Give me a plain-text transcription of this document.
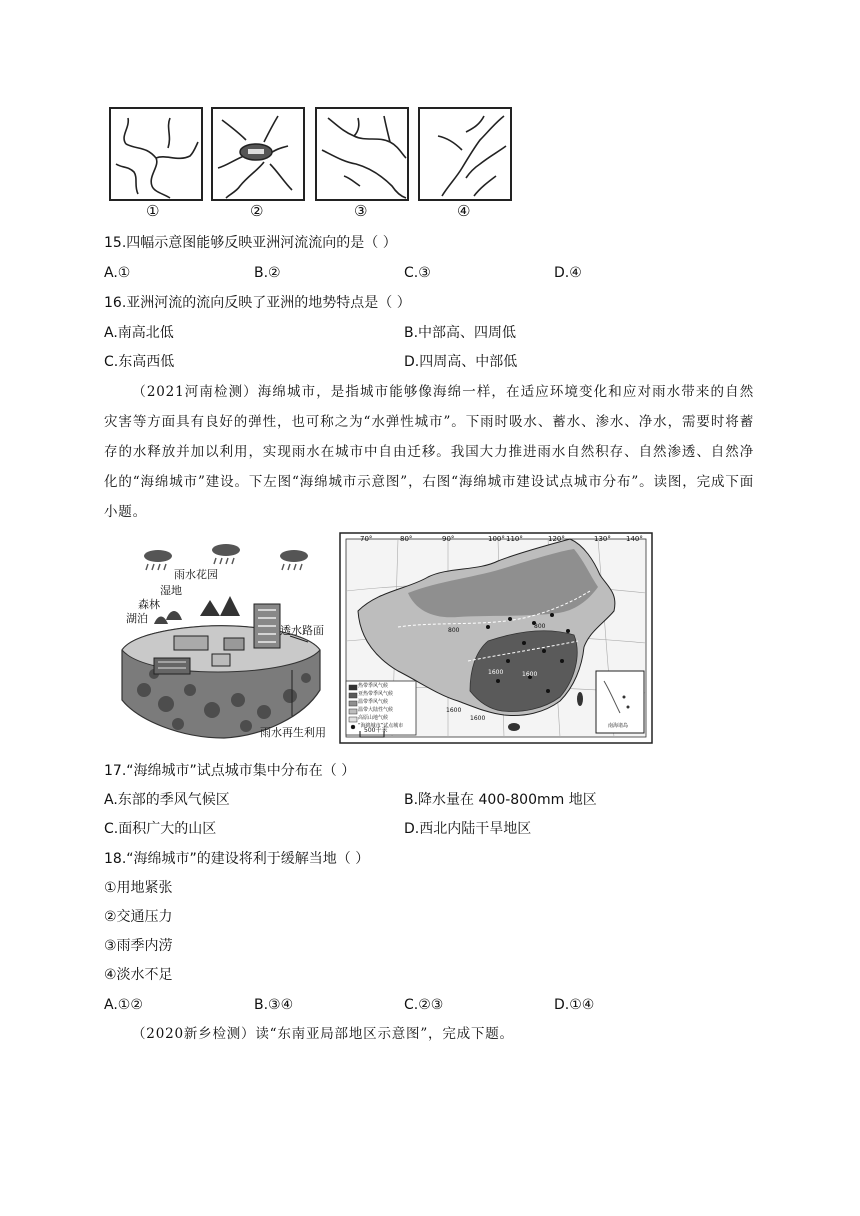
①	②	③	④
15.四幅示意图能够反映亚洲河流流向的是（ ）
A.①	B.②	C.③	D.④
16.亚洲河流的流向反映了亚洲的地势特点是（ ）
A.南高北低	B.中部高、四周低
C.东高西低	D.四周高、中部低
（2021河南检测）海绵城市，是指城市能够像海绵一样，在适应环境变化和应对雨水带来的自然灾害等方面具有良好的弹性，也可称之为“水弹性城市”。下雨时吸水、蓄水、渗水、净水，需要时将蓄存的水释放并加以利用，实现雨水在城市中自由迁移。我国大力推进雨水自然积存、自然渗透、自然净化的“海绵城市”建设。下左图“海绵城市示意图”，右图“海绵城市建设试点城市分布”。读图，完成下面小题。
雨水花园
湿地
森林
湖泊
透水路面
雨水再生利用
70°	80°	90°	100° 110°	120°	130° 140°
800
1600	1600
1600
1600
800
热带季风气候
亚热带季风气候
温带季风气候
温带大陆性气候
高原山地气候
“海绵城市”试点城市
500千米
南海诸岛
17.“海绵城市”试点城市集中分布在（ ）
A.东部的季风气候区	B.降水量在 400-800mm 地区
C.面积广大的山区	D.西北内陆干旱地区
18.“海绵城市”的建设将利于缓解当地（ ）
①用地紧张
②交通压力
③雨季内涝
④淡水不足
A.①②	B.③④	C.②③	D.①④
（2020新乡检测）读“东南亚局部地区示意图”，完成下题。
